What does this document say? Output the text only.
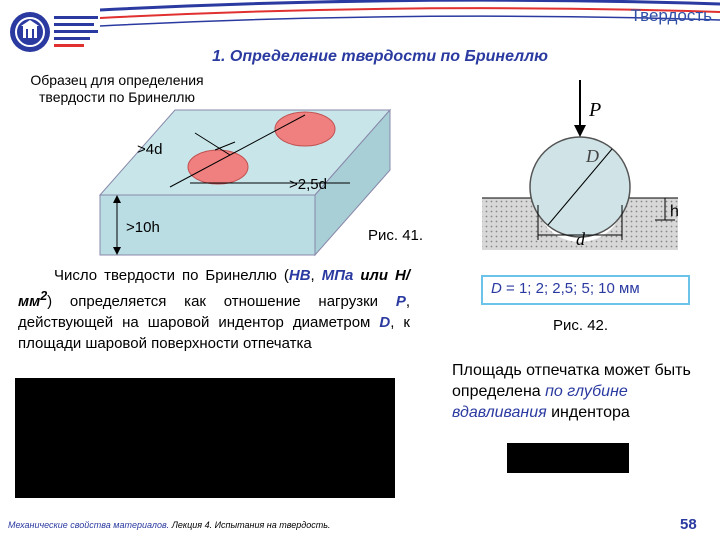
Твердость
1. Определение твердости по Бринеллю
Образец для определения твердости по Бринеллю
>4d
>2,5d
>10h	Рис. 41.
P
D
h
d
Число твердости по Бринеллю (НВ, МПа или $Н/мм^2$) определяется как отношение нагрузки Р, действующей на шаровой индентор диаметром D, к площади шаровой поверхности отпечатка
D = 1; 2; 2,5; 5; 10 мм
Рис. 42.
Площадь отпечатка может быть определена по глубине вдавливания индентора
Механические свойства материалов. Лекция 4. Испытания на твердость.	58
